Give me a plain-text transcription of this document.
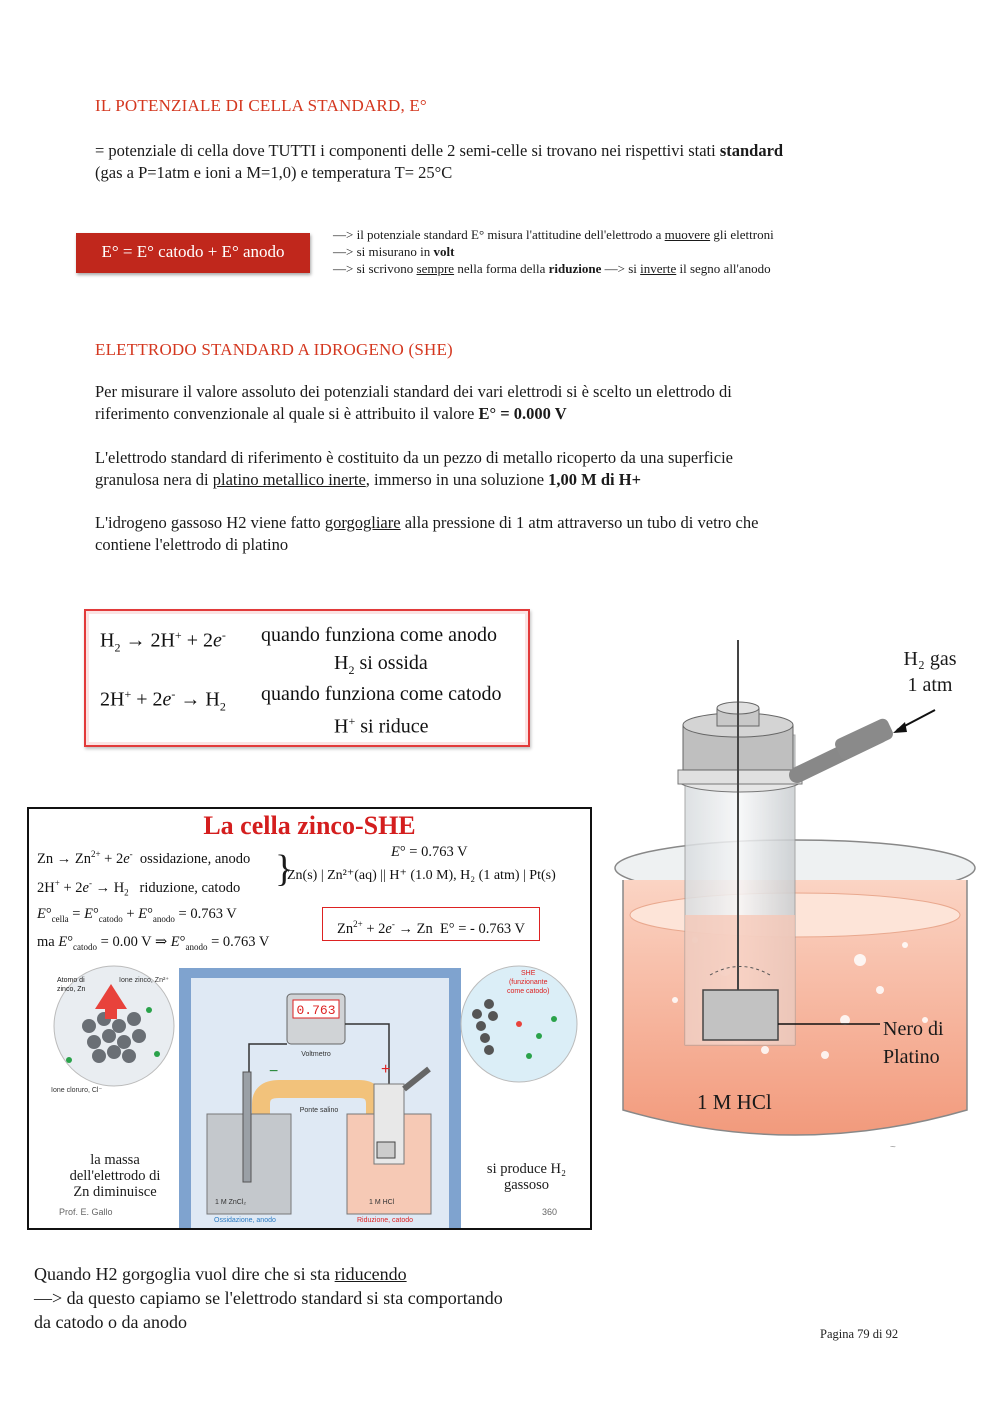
IL POTENZIALE DI CELLA STANDARD, E°
= potenziale di cella dove TUTTI i componenti delle 2 semi-celle si trovano nei rispettivi stati standard
(gas a P=1atm e ioni a M=1,0) e temperatura T= 25°C
E° = E° catodo + E° anodo
—> il potenziale standard E° misura l'attitudine dell'elettrodo a muovere gli elettroni
—> si misurano in volt
—> si scrivono sempre nella forma della riduzione —> si inverte il segno all'anodo
ELETTRODO STANDARD A IDROGENO (SHE)
Per misurare il valore assoluto dei potenziali standard dei vari elettrodi si è scelto un elettrodo di
riferimento convenzionale al quale si è attribuito il valore E° = 0.000 V
L'elettrodo standard di riferimento è costituito da un pezzo di metallo ricoperto da una superficie
granulosa nera di platino metallico inerte, immerso in una soluzione 1,00 M di H+
L'idrogeno gassoso H2 viene fatto gorgogliare alla pressione di 1 atm attraverso un tubo di vetro che
contiene l'elettrodo di platino
$H_2 \to 2H^+ + 2e^-$ quando funziona come anodo
$H_2$ si ossida
$2H^+ + 2e^- \to H_2$
quando funziona come catodo
H+ si riduce
~
H₂ gas
1 atm
Nero di
Platino
1 M HCl
La cella zinco-SHE
$Zn \to Zn^{2+} + 2e^-$ ossidazione, anodo
$2H^+ + 2e^- \to H_2$ riduzione, catodo }	E° = 0.763 V
Zn(s) | Zn²⁺(aq) || H⁺ (1.0 M), H₂ (1 atm) | Pt(s)
$E^\circ_{cella} = E^\circ_{catodo} + E^\circ_{anodo} = 0.763$ V
ma $E^\circ_{catodo} = 0.00$ V ⇒ $E^\circ_{anodo} = 0.763$ V
$Zn^{2+} + 2e^- \to Zn$  E° = - 0.763 V
0.763
Voltmetro
−	+
Ponte salino
1 M ZnCl₂	1 M HCl
Ossidazione, anodo	Riduzione, catodo
Ione cloruro, Cl⁻
Ione zinco, Zn²⁺
Atomo di
zinco, Zn
SHE
(funzionante
come catodo)
la massa
dell'elettrodo di
Zn diminuisce
si produce H₂
gassoso
Prof. E. Gallo	360
Quando H2 gorgoglia vuol dire che si sta riducendo
—> da questo capiamo se l'elettrodo standard si sta comportando
da catodo o da anodo
Pagina 79 di 92
